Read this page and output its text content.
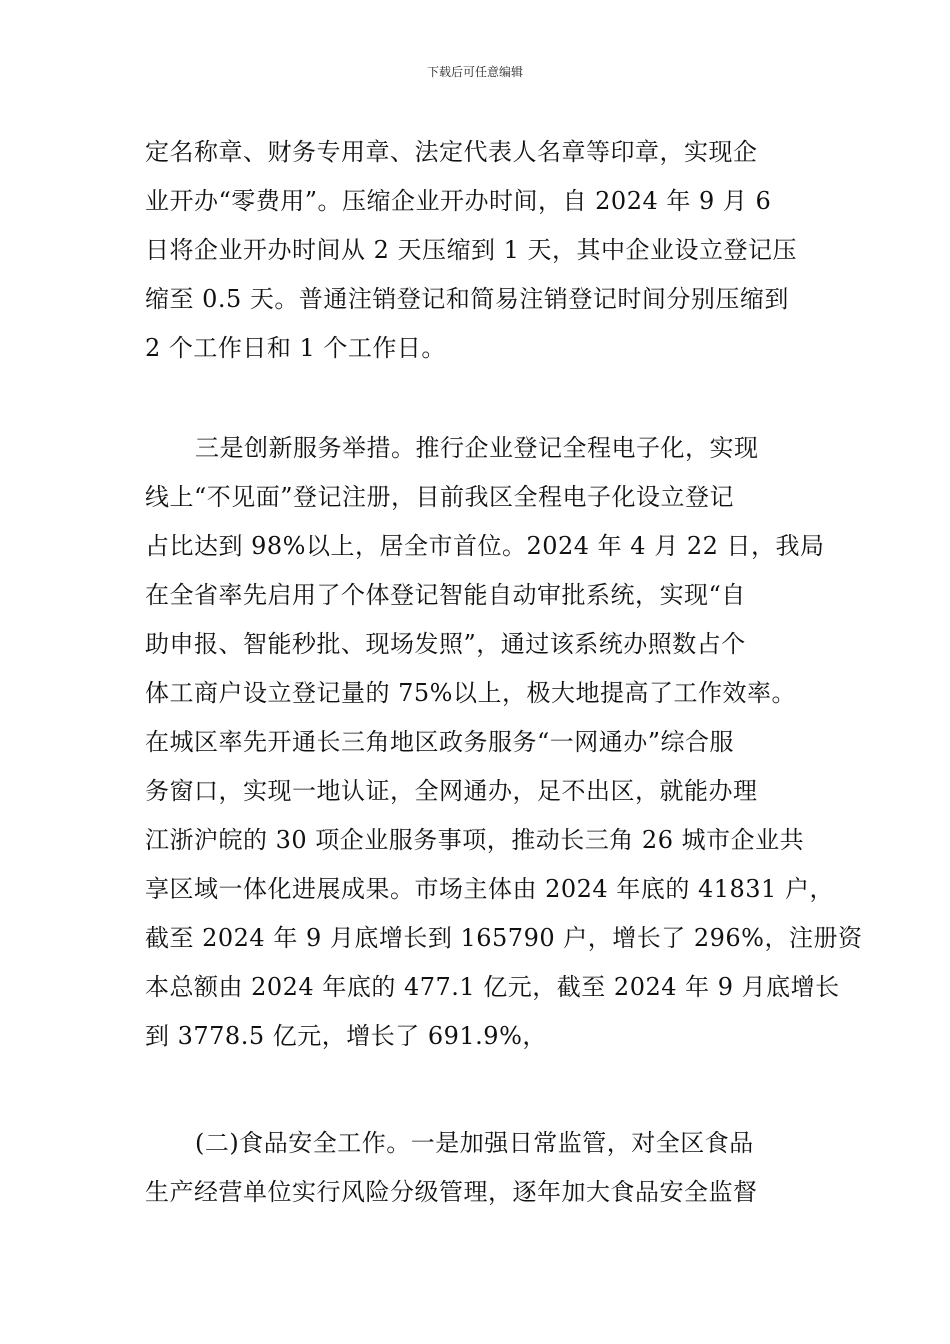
下载后可任意编辑
定名称章、财务专用章、法定代表人名章等印章，实现企
业开办“零费用”。压缩企业开办时间，自 2024 年 9 月 6
日将企业开办时间从 2 天压缩到 1 天，其中企业设立登记压
缩至 0.5 天。普通注销登记和简易注销登记时间分别压缩到
2 个工作日和 1 个工作日。
三是创新服务举措。推行企业登记全程电子化，实现
线上“不见面”登记注册，目前我区全程电子化设立登记
占比达到 98%以上，居全市首位。2024 年 4 月 22 日，我局
在全省率先启用了个体登记智能自动审批系统，实现“自
助申报、智能秒批、现场发照”，通过该系统办照数占个
体工商户设立登记量的 75%以上，极大地提高了工作效率。
在城区率先开通长三角地区政务服务“一网通办”综合服
务窗口，实现一地认证，全网通办，足不出区，就能办理
江浙沪皖的 30 项企业服务事项，推动长三角 26 城市企业共
享区域一体化进展成果。市场主体由 2024 年底的 41831 户，
截至 2024 年 9 月底增长到 165790 户，增长了 296%，注册资
本总额由 2024 年底的 477.1 亿元，截至 2024 年 9 月底增长
到 3778.5 亿元，增长了 691.9%，
(二)食品安全工作。一是加强日常监管，对全区食品
生产经营单位实行风险分级管理，逐年加大食品安全监督
